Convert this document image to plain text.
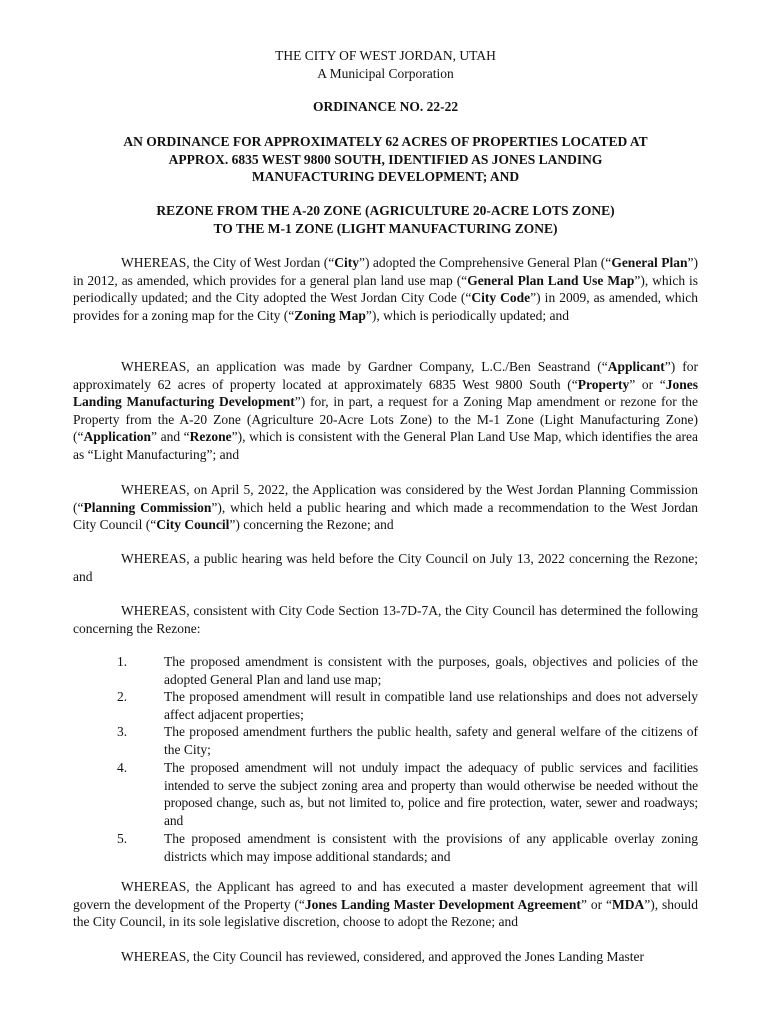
THE CITY OF WEST JORDAN, UTAH
A Municipal Corporation
ORDINANCE NO. 22-22
AN ORDINANCE FOR APPROXIMATELY 62 ACRES OF PROPERTIES LOCATED AT
APPROX. 6835 WEST 9800 SOUTH, IDENTIFIED AS JONES LANDING
MANUFACTURING DEVELOPMENT; AND
REZONE FROM THE A-20 ZONE (AGRICULTURE 20-ACRE LOTS ZONE)
TO THE M-1 ZONE (LIGHT MANUFACTURING ZONE)
WHEREAS, the City of West Jordan (“City”) adopted the Comprehensive General Plan (“General Plan”) in 2012, as amended, which provides for a general plan land use map (“General Plan Land Use Map”), which is periodically updated; and the City adopted the West Jordan City Code (“City Code”) in 2009, as amended, which provides for a zoning map for the City (“Zoning Map”), which is periodically updated; and
WHEREAS, an application was made by Gardner Company, L.C./Ben Seastrand (“Applicant”) for approximately 62 acres of property located at approximately 6835 West 9800 South (“Property” or “Jones Landing Manufacturing Development”) for, in part, a request for a Zoning Map amendment or rezone for the Property from the A-20 Zone (Agriculture 20-Acre Lots Zone) to the M-1 Zone (Light Manufacturing Zone) (“Application” and “Rezone”), which is consistent with the General Plan Land Use Map, which identifies the area as “Light Manufacturing”; and
WHEREAS, on April 5, 2022, the Application was considered by the West Jordan Planning Commission (“Planning Commission”), which held a public hearing and which made a recommendation to the West Jordan City Council (“City Council”) concerning the Rezone; and
WHEREAS, a public hearing was held before the City Council on July 13, 2022 concerning the Rezone; and
WHEREAS, consistent with City Code Section 13-7D-7A, the City Council has determined the following concerning the Rezone:
1.	The proposed amendment is consistent with the purposes, goals, objectives and policies of the adopted General Plan and land use map;
2.	The proposed amendment will result in compatible land use relationships and does not adversely affect adjacent properties;
3.	The proposed amendment furthers the public health, safety and general welfare of the citizens of the City;
4.	The proposed amendment will not unduly impact the adequacy of public services and facilities intended to serve the subject zoning area and property than would otherwise be needed without the proposed change, such as, but not limited to, police and fire protection, water, sewer and roadways; and
5.	The proposed amendment is consistent with the provisions of any applicable overlay zoning districts which may impose additional standards; and
WHEREAS, the Applicant has agreed to and has executed a master development agreement that will govern the development of the Property (“Jones Landing Master Development Agreement” or “MDA”), should the City Council, in its sole legislative discretion, choose to adopt the Rezone; and
WHEREAS, the City Council has reviewed, considered, and approved the Jones Landing Master
